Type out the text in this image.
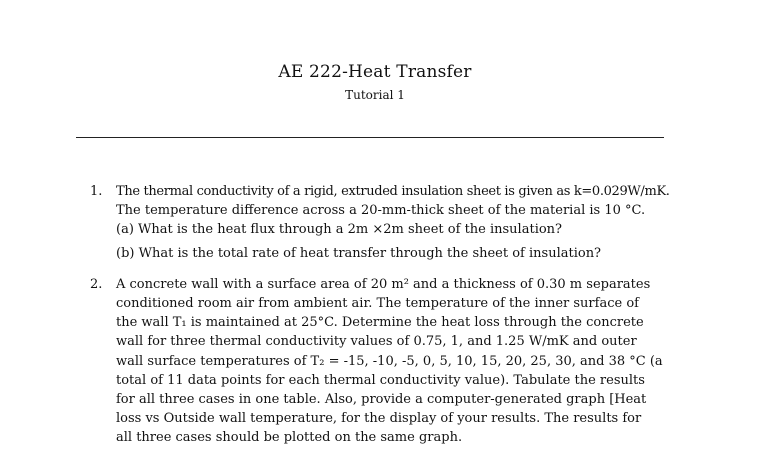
AE 222-Heat Transfer
Tutorial 1
1. The thermal conductivity of a rigid, extruded insulation sheet is given as k=0.029W/mK.
The temperature difference across a 20-mm-thick sheet of the material is 10 °C.
(a) What is the heat flux through a 2m ×2m sheet of the insulation?
(b) What is the total rate of heat transfer through the sheet of insulation?
2. A concrete wall with a surface area of 20 m² and a thickness of 0.30 m separates
conditioned room air from ambient air. The temperature of the inner surface of
the wall T₁ is maintained at 25°C. Determine the heat loss through the concrete
wall for three thermal conductivity values of 0.75, 1, and 1.25 W/mK and outer
wall surface temperatures of T₂ = -15, -10, -5, 0, 5, 10, 15, 20, 25, 30, and 38 °C (a
total of 11 data points for each thermal conductivity value). Tabulate the results
for all three cases in one table. Also, provide a computer-generated graph [Heat
loss vs Outside wall temperature, for the display of your results. The results for
all three cases should be plotted on the same graph.
